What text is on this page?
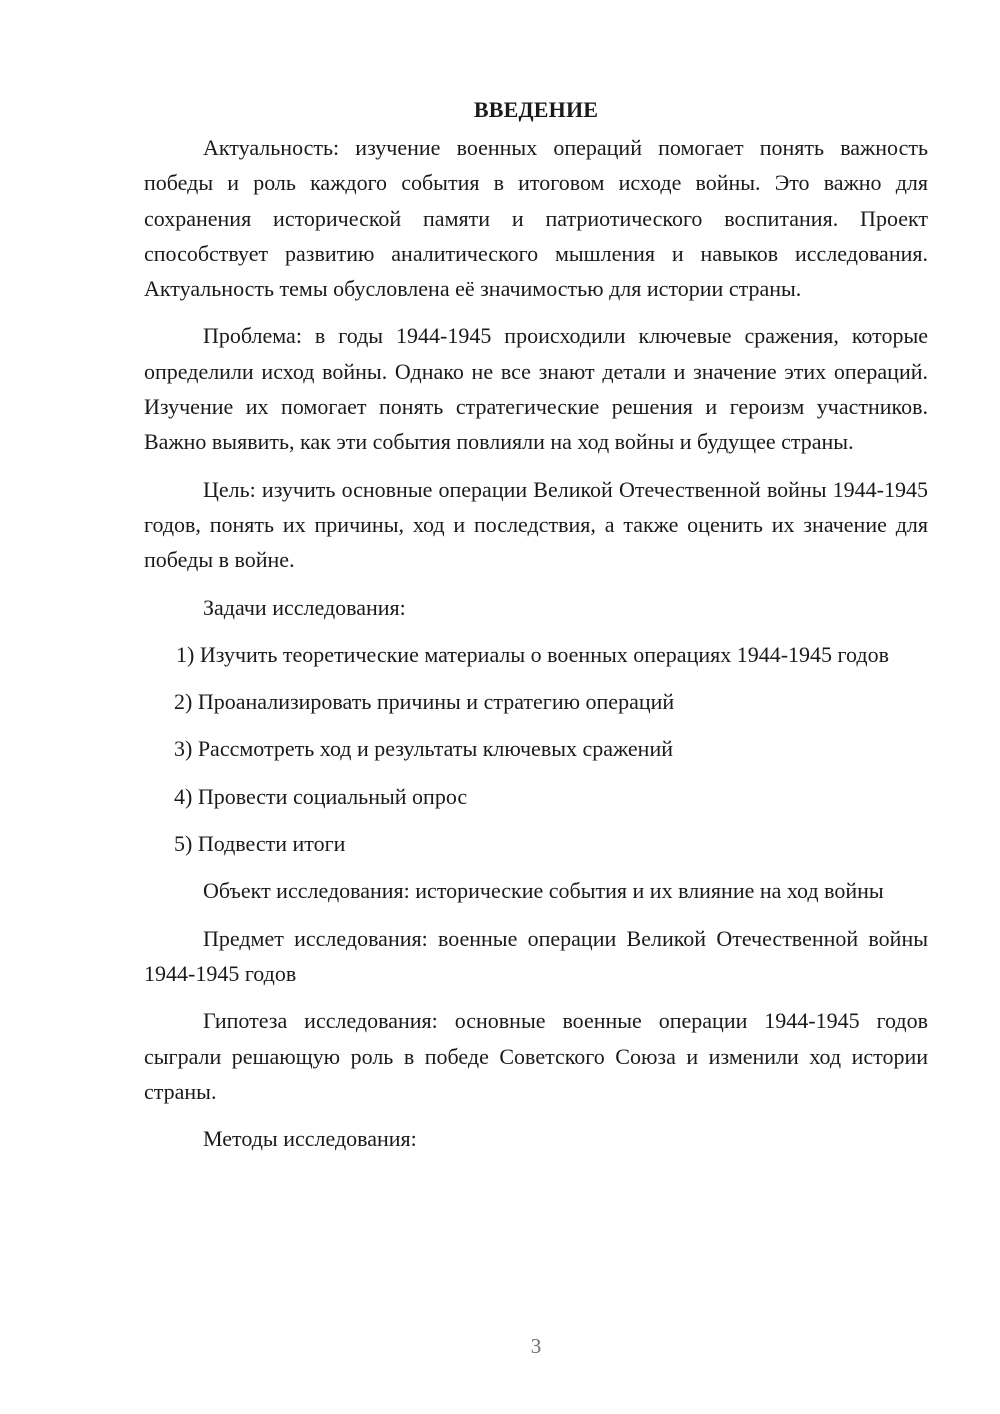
ВВЕДЕНИЕ

Актуальность: изучение военных операций помогает понять важность победы и роль каждого события в итоговом исходе войны. Это важно для сохранения исторической памяти и патриотического воспитания. Проект способствует развитию аналитического мышления и навыков исследования. Актуальность темы обусловлена её значимостью для истории страны.

Проблема: в годы 1944-1945 происходили ключевые сражения, которые определили исход войны. Однако не все знают детали и значение этих операций. Изучение их помогает понять стратегические решения и героизм участников. Важно выявить, как эти события повлияли на ход войны и будущее страны.

Цель: изучить основные операции Великой Отечественной войны 1944-1945 годов, понять их причины, ход и последствия, а также оценить их значение для победы в войне.

Задачи исследования:

1) Изучить теоретические материалы о военных операциях 1944-1945 годов

2) Проанализировать причины и стратегию операций

3) Рассмотреть ход и результаты ключевых сражений

4) Провести социальный опрос

5) Подвести итоги

Объект исследования: исторические события и их влияние на ход войны

Предмет исследования: военные операции Великой Отечественной войны 1944-1945 годов

Гипотеза исследования: основные военные операции 1944-1945 годов сыграли решающую роль в победе Советского Союза и изменили ход истории страны.

Методы исследования:

3
